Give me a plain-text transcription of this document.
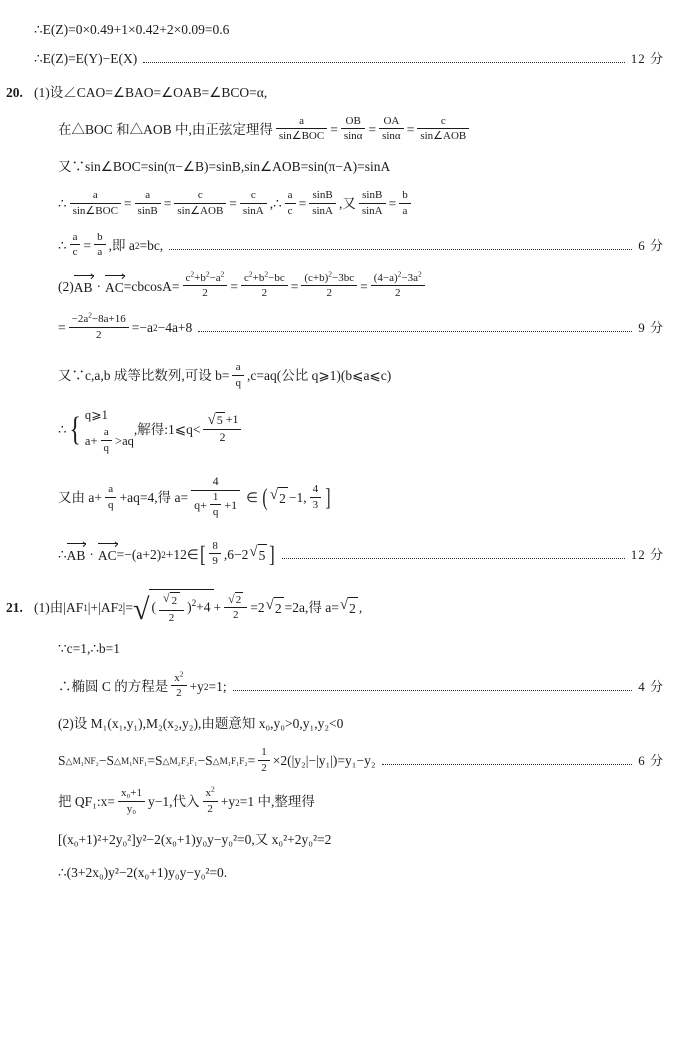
∴ E(Z)=0×0.49+1×0.42+2×0.09=0.6
∴E(Z)=E(Y)−E(X)	12 分
20. (1)设∠CAO=∠BAO=∠OAB=∠BCO=α,
在△BOC 和△AOB 中,由正弦定理得 $\frac{a}{\text{sin∠BOC}} = \frac{OB}{\sin\alpha} = \frac{OA}{\sin\alpha} = \frac{c}{\text{sin∠AOB}}$
又∵sin∠BOC=sin(π−∠B)=sinB,sin∠AOB=sin(π−A)=sinA
∴ $\frac{a}{\text{sin∠BOC}} = \frac{a}{\sin B} = \frac{c}{\text{sin∠AOB}} = \frac{c}{\sin A}$ ,∴ $\frac{a}{c} = \frac{\sin B}{\sin A}$ ,又 $\frac{\sin B}{\sin A} = \frac{b}{a}$
∴ $\frac{a}{c} = \frac{b}{a}$ ,即 a 2 =bc,	6 分
(2) AB · AC $=cbcosA= \frac{c^2+b^2-a^2}{2} = \frac{c^2+b^2-bc}{2} = \frac{(c+b)^2-3bc}{2} = \frac{(4-a)^2-3a^2}{2}$
= $\frac{-2a^2-8a+16}{2} =-a$ 2 −4a+8	9 分
又∵c,a,b 成等比数列,可设 $b= \frac{a}{q} ,c=aq$(公比 q⩾1)(b⩽a⩽c)
∴ { q⩾1
$a+ \frac{a}{q} >aq$
,解得:1⩽q< $\frac{√ 5 +1}{2}$
又由 $a+ \frac{a}{q} +aq=4$,得 $a= \frac{4}{q+ \frac{1}{q} +1}$ ∈ ( √ 2 −1, $\frac{4}{3}$ ]
∴ AB · AC =−(a+2) 2 +12∈ [ $\frac{8}{9} ,6-2$ √ 5 ]	12 分
21. (1)由|AF 1 |+|AF 2 |= √ ( $\frac{√ 2}{2} )^2+4 + \frac{√ 2}{2} =2$ √ 2 =2a,得 a= √ 2 ,
∵c=1,∴b=1
∴椭圆 C 的方程是 $\frac{x^2}{2} +y$ 2 =1;	4 分
(2)设 M₁(x₁,y₁),M₂(x₂,y₂),由题意知 x₀,y₀>0,y₁,y₂<0
S △M₁NF₂ −S △M₁NF₁ =S △M₂F₂F₁ −S △M₁F₁F₂ = $\frac{1}{2} \times 2(|y_2|-|y_1|)=y_1-y_2$	6 分
把 QF₁:x= $\frac{\text{x₀+1}}{\text{y₀}} y-1$,代入 $\frac{x^2}{2} +y$ 2 =1 中,整理得
[(x₀+1)²+2y₀²]y²−2(x₀+1)y₀y−y₀²=0,又 x₀²+2y₀²=2
∴(3+2x₀)y²−2(x₀+1)y₀y−y₀²=0.
